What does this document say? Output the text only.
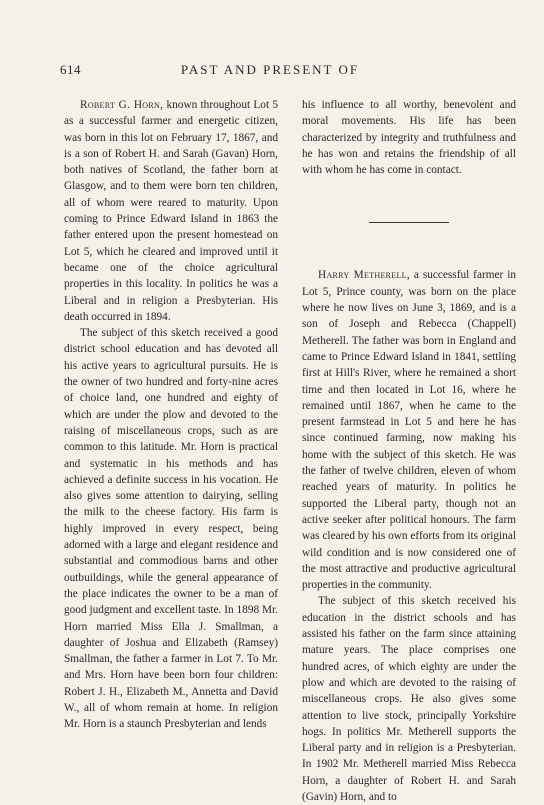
614	PAST AND PRESENT OF

Robert G. Horn, known throughout Lot 5 as a successful farmer and energetic citizen, was born in this lot on February 17, 1867, and is a son of Robert H. and Sarah (Gavan) Horn, both natives of Scotland, the father born at Glasgow, and to them were born ten children, all of whom were reared to maturity. Upon coming to Prince Edward Island in 1863 the father entered upon the present homestead on Lot 5, which he cleared and improved until it became one of the choice agricultural properties in this locality. In politics he was a Liberal and in religion a Presbyterian. His death occurred in 1894.

The subject of this sketch received a good district school education and has devoted all his active years to agricultural pursuits. He is the owner of two hundred and forty-nine acres of choice land, one hundred and eighty of which are under the plow and devoted to the raising of miscellaneous crops, such as are common to this latitude. Mr. Horn is practical and systematic in his methods and has achieved a definite success in his vocation. He also gives some attention to dairying, selling the milk to the cheese factory. His farm is highly improved in every respect, being adorned with a large and elegant residence and substantial and commodious barns and other outbuildings, while the general appearance of the place indicates the owner to be a man of good judgment and excellent taste. In 1898 Mr. Horn married Miss Ella J. Smallman, a daughter of Joshua and Elizabeth (Ramsey) Smallman, the father a farmer in Lot 7. To Mr. and Mrs. Horn have been born four children: Robert J. H., Elizabeth M., Annetta and David W., all of whom remain at home. In religion Mr. Horn is a staunch Presbyterian and lends

his influence to all worthy, benevolent and moral movements. His life has been characterized by integrity and truthfulness and he has won and retains the friendship of all with whom he has come in contact.

Harry Metherell, a successful farmer in Lot 5, Prince county, was born on the place where he now lives on June 3, 1869, and is a son of Joseph and Rebecca (Chappell) Metherell. The father was born in England and came to Prince Edward Island in 1841, settling first at Hill's River, where he remained a short time and then located in Lot 16, where he remained until 1867, when he came to the present farmstead in Lot 5 and here he has since continued farming, now making his home with the subject of this sketch. He was the father of twelve children, eleven of whom reached years of maturity. In politics he supported the Liberal party, though not an active seeker after political honours. The farm was cleared by his own efforts from its original wild condition and is now considered one of the most attractive and productive agricultural properties in the community.

The subject of this sketch received his education in the district schools and has assisted his father on the farm since attaining mature years. The place comprises one hundred acres, of which eighty are under the plow and which are devoted to the raising of miscellaneous crops. He also gives some attention to live stock, principally Yorkshire hogs. In politics Mr. Metherell supports the Liberal party and in religion is a Presbyterian. In 1902 Mr. Metherell married Miss Rebecca Horn, a daughter of Robert H. and Sarah (Gavin) Horn, and to
